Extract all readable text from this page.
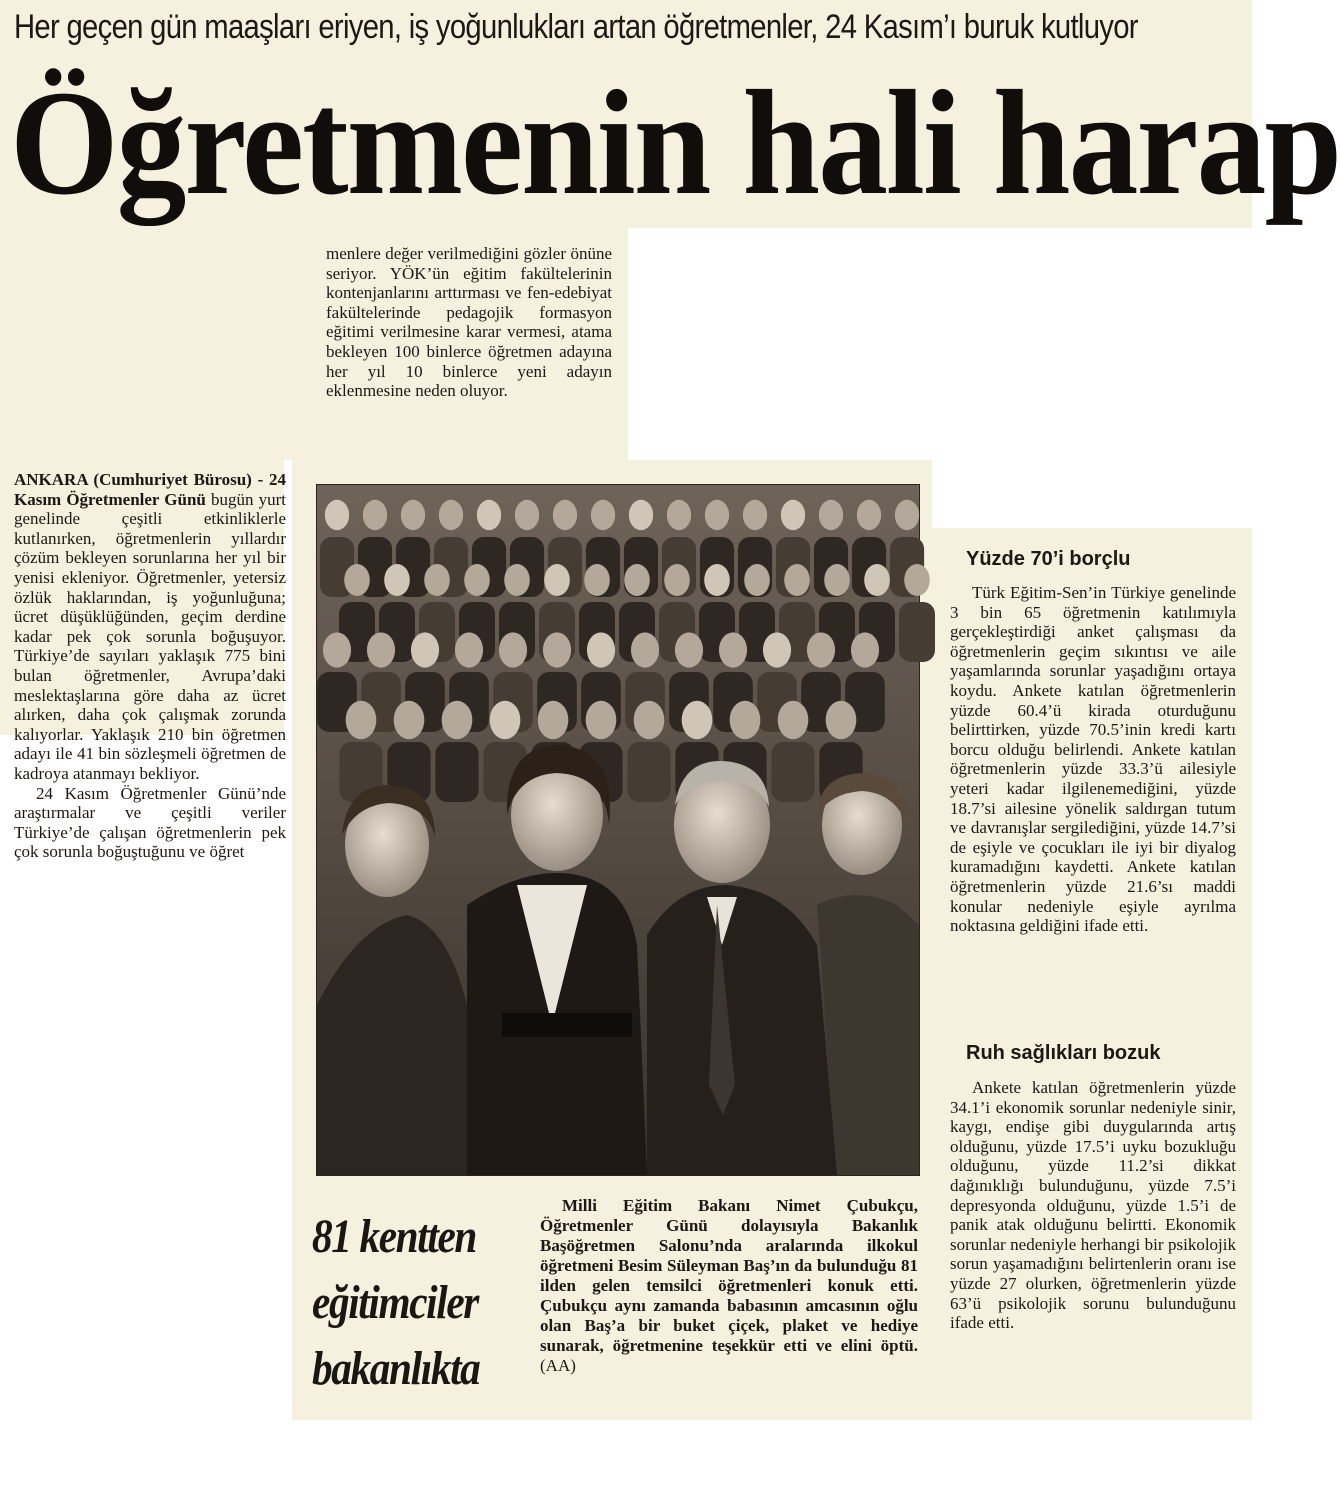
Her geçen gün maaşları eriyen, iş yoğunlukları artan öğretmenler, 24 Kasım’ı buruk kutluyor
Öğretmenin hali harap

ANKARA (Cumhuriyet Bürosu) - 24 Kasım Öğretmenler Günü bugün yurt genelinde çeşitli etkinliklerle kutlanırken, öğretmenlerin yıllardır çözüm bekleyen sorunlarına her yıl bir yenisi ekleniyor. Öğretmenler, yetersiz özlük haklarından, iş yoğunluğuna; ücret düşüklüğünden, geçim derdine kadar pek çok sorunla boğuşuyor. Türkiye’de sayıları yaklaşık 775 bini bulan öğretmenler, Avrupa’daki meslektaşlarına göre daha az ücret alırken, daha çok çalışmak zorunda kalıyorlar. Yaklaşık 210 bin öğretmen adayı ile 41 bin sözleşmeli öğretmen de kadroya atanmayı bekliyor.

24 Kasım Öğretmenler Günü’nde araştırmalar ve çeşitli veriler Türkiye’de çalışan öğretmenlerin pek çok sorunla boğuştuğunu ve öğret

menlere değer verilmediğini gözler önüne seriyor. YÖK’ün eğitim fakültelerinin kontenjanlarını arttırması ve fen-edebiyat fakültelerinde pedagojik formasyon eğitimi verilmesine karar vermesi, atama bekleyen 100 binlerce öğretmen adayına her yıl 10 binlerce yeni adayın eklenmesine neden oluyor.

81 kentten
eğitimciler
bakanlıkta
Milli Eğitim Bakanı Nimet Çubukçu, Öğretmenler Günü dolayısıyla Bakanlık Başöğretmen Salonu’nda aralarında ilkokul öğretmeni Besim Süleyman Baş’ın da bulunduğu 81 ilden gelen temsilci öğretmenleri konuk etti. Çubukçu aynı zamanda babasının amcasının oğlu olan Baş’a bir buket çiçek, plaket ve hediye sunarak, öğretmenine teşekkür etti ve elini öptü. (AA)
Yüzde 70’i borçlu

Türk Eğitim-Sen’in Türkiye genelinde 3 bin 65 öğretmenin katılımıyla gerçekleştirdiği anket çalışması da öğretmenlerin geçim sıkıntısı ve aile yaşamlarında sorunlar yaşadığını ortaya koydu. Ankete katılan öğretmenlerin yüzde 60.4’ü kirada oturduğunu belirttirken, yüzde 70.5’inin kredi kartı borcu olduğu belirlendi. Ankete katılan öğretmenlerin yüzde 33.3’ü ailesiyle yeteri kadar ilgilenemediğini, yüzde 18.7’si ailesine yönelik saldırgan tutum ve davranışlar sergilediğini, yüzde 14.7’si de eşiyle ve çocukları ile iyi bir diyalog kuramadığını kaydetti. Ankete katılan öğretmenlerin yüzde 21.6’sı maddi konular nedeniyle eşiyle ayrılma noktasına geldiğini ifade etti.

Ruh sağlıkları bozuk

Ankete katılan öğretmenlerin yüzde 34.1’i ekonomik sorunlar nedeniyle sinir, kaygı, endişe gibi duygularında artış olduğunu, yüzde 17.5’i uyku bozukluğu olduğunu, yüzde 11.2’si dikkat dağınıklığı bulunduğunu, yüzde 7.5’i depresyonda olduğunu, yüzde 1.5’i de panik atak olduğunu belirtti. Ekonomik sorunlar nedeniyle herhangi bir psikolojik sorun yaşamadığını belirtenlerin oranı ise yüzde 27 olurken, öğretmenlerin yüzde 63’ü psikolojik sorunu bulunduğunu ifade etti.
